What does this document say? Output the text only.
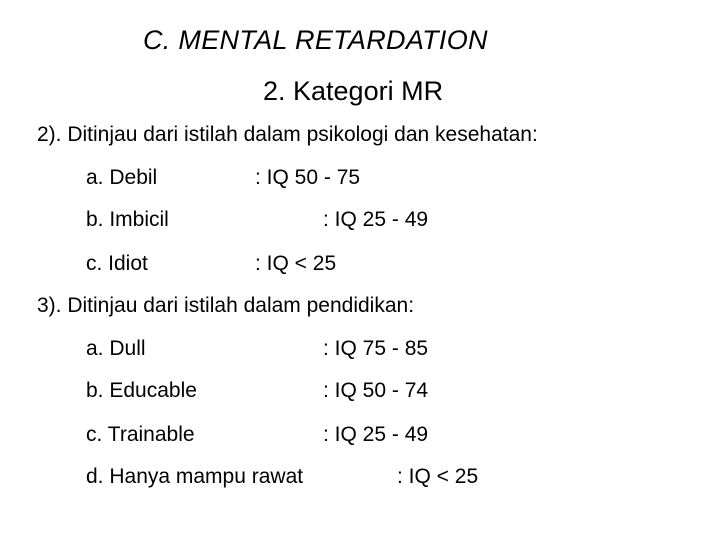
C. MENTAL RETARDATION
2. Kategori MR
2). Ditinjau dari istilah dalam psikologi dan kesehatan:
a. Debil	: IQ 50 - 75
b. Imbicil	: IQ 25 - 49
c. Idiot	: IQ < 25
3). Ditinjau dari istilah dalam pendidikan:
a. Dull	: IQ 75 - 85
b. Educable	: IQ 50 - 74
c. Trainable	: IQ 25 - 49
d. Hanya mampu rawat	: IQ < 25
